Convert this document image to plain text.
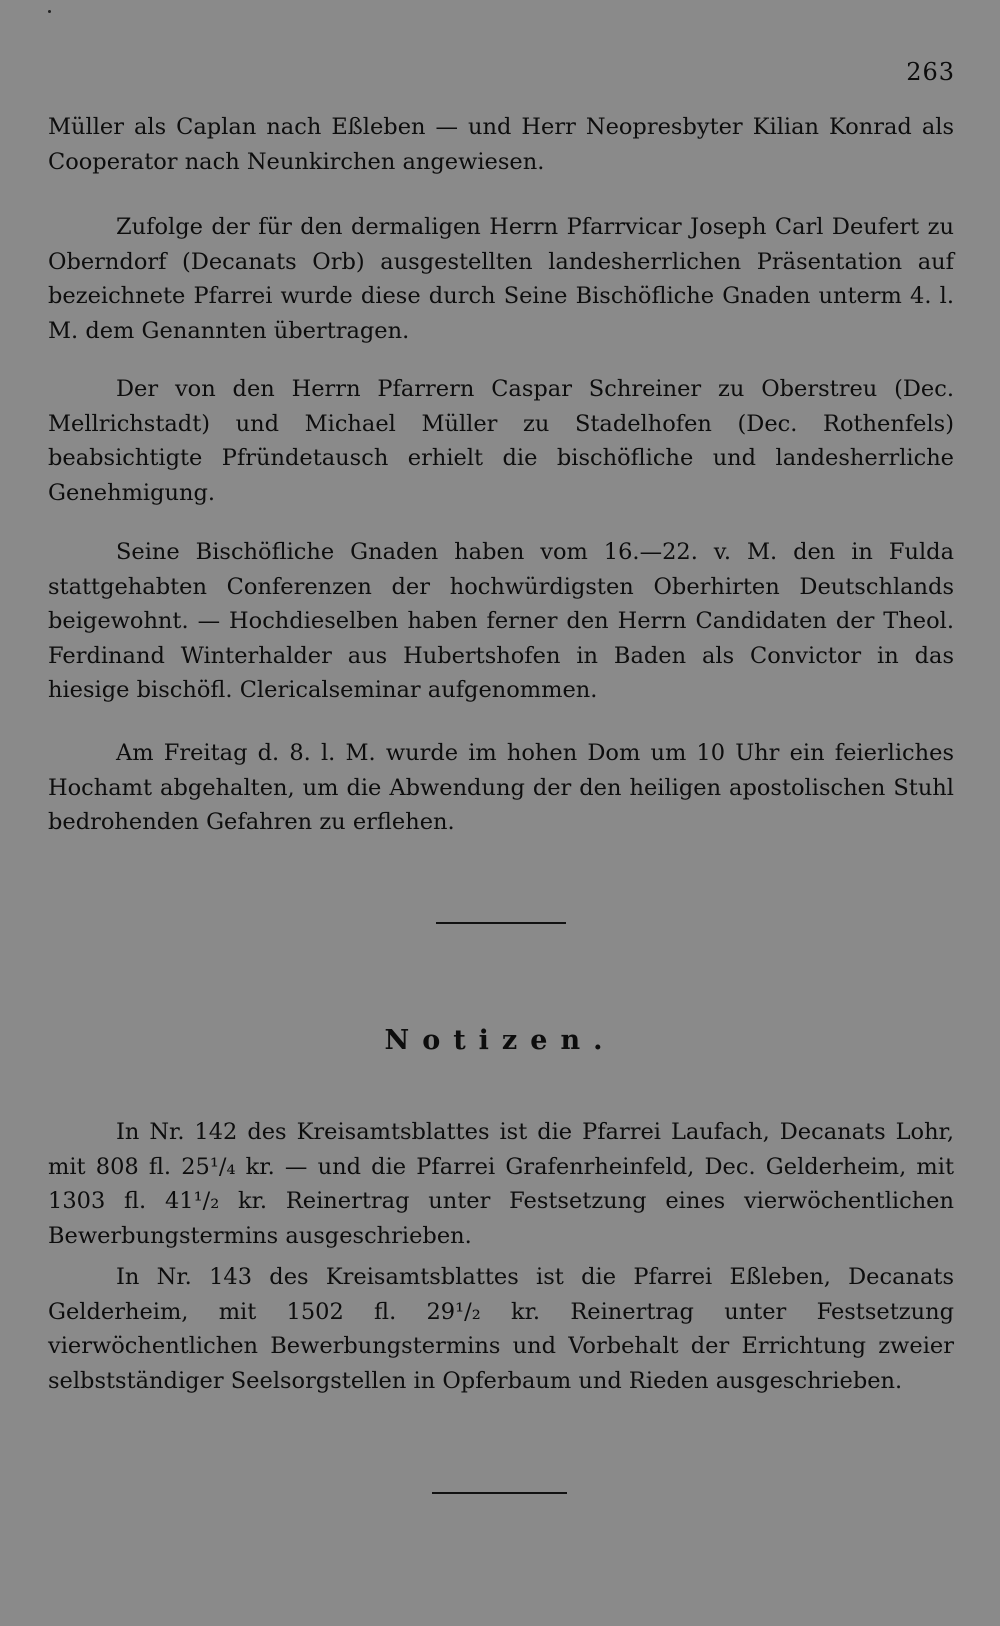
263

Müller als Caplan nach Eßleben — und Herr Neopresbyter Kilian Konrad als Cooperator nach Neunkirchen angewiesen.

Zufolge der für den dermaligen Herrn Pfarrvicar Joseph Carl Deufert zu Oberndorf (Decanats Orb) ausgestellten landesherrlichen Präsentation auf bezeichnete Pfarrei wurde diese durch Seine Bischöfliche Gnaden unterm 4. l. M. dem Genannten übertragen.

Der von den Herrn Pfarrern Caspar Schreiner zu Oberstreu (Dec. Mellrichstadt) und Michael Müller zu Stadelhofen (Dec. Rothenfels) beabsichtigte Pfründetausch erhielt die bischöfliche und landesherrliche Genehmigung.

Seine Bischöfliche Gnaden haben vom 16.—22. v. M. den in Fulda stattgehabten Conferenzen der hochwürdigsten Oberhirten Deutschlands beigewohnt. — Hochdieselben haben ferner den Herrn Candidaten der Theol. Ferdinand Winterhalder aus Hubertshofen in Baden als Convictor in das hiesige bischöfl. Clericalseminar aufgenommen.

Am Freitag d. 8. l. M. wurde im hohen Dom um 10 Uhr ein feierliches Hochamt abgehalten, um die Abwendung der den heiligen apostolischen Stuhl bedrohenden Gefahren zu erflehen.

Notizen.

In Nr. 142 des Kreisamtsblattes ist die Pfarrei Laufach, Decanats Lohr, mit 808 fl. 25¹/₄ kr. — und die Pfarrei Grafenrheinfeld, Dec. Gelderheim, mit 1303 fl. 41¹/₂ kr. Reinertrag unter Festsetzung eines vierwöchentlichen Bewerbungstermins ausgeschrieben.

In Nr. 143 des Kreisamtsblattes ist die Pfarrei Eßleben, Decanats Gelderheim, mit 1502 fl. 29¹/₂ kr. Reinertrag unter Festsetzung vierwöchentlichen Bewerbungstermins und Vorbehalt der Errichtung zweier selbstständiger Seelsorgstellen in Opferbaum und Rieden ausgeschrieben.
